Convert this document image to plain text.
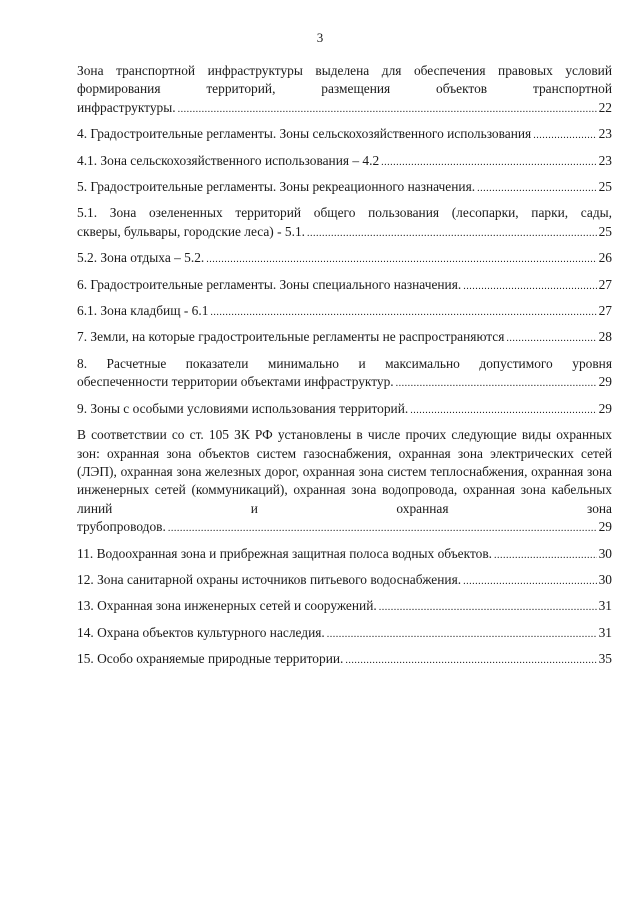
3
Зона транспортной инфраструктуры выделена для обеспечения правовых условий формирования территорий, размещения объектов транспортной
инфраструктуры. .....	22
4. Градостроительные регламенты. Зоны сельскохозяйственного использования .....	23
4.1. Зона сельскохозяйственного использования – 4.2 .....	23
5. Градостроительные регламенты. Зоны рекреационного назначения. .....	25
5.1. Зона озелененных территорий общего пользования (лесопарки, парки, сады,
скверы, бульвары, городские леса) - 5.1. .....	25
5.2. Зона отдыха – 5.2. .....	26
6. Градостроительные регламенты. Зоны специального назначения. .....	27
6.1. Зона кладбищ - 6.1 .....	27
7. Земли, на которые градостроительные регламенты не распространяются .....	28
8. Расчетные показатели минимально и максимально допустимого уровня
обеспеченности территории объектами инфраструктур. .....	29
9. Зоны с особыми условиями использования территорий. .....	29
В соответствии со ст. 105 ЗК РФ установлены в числе прочих следующие виды охранных зон: охранная зона объектов систем газоснабжения, охранная зона электрических сетей (ЛЭП), охранная зона железных дорог, охранная зона систем теплоснабжения, охранная зона инженерных сетей (коммуникаций), охранная зона водопровода, охранная зона кабельных линий и охранная зона
трубопроводов. .....	29
11. Водоохранная зона и прибрежная защитная полоса водных объектов. .....	30
12. Зона санитарной охраны источников питьевого водоснабжения. .....	30
13. Охранная зона инженерных сетей и сооружений. .....	31
14. Охрана объектов культурного наследия. .....	31
15. Особо охраняемые природные территории. .....	35
